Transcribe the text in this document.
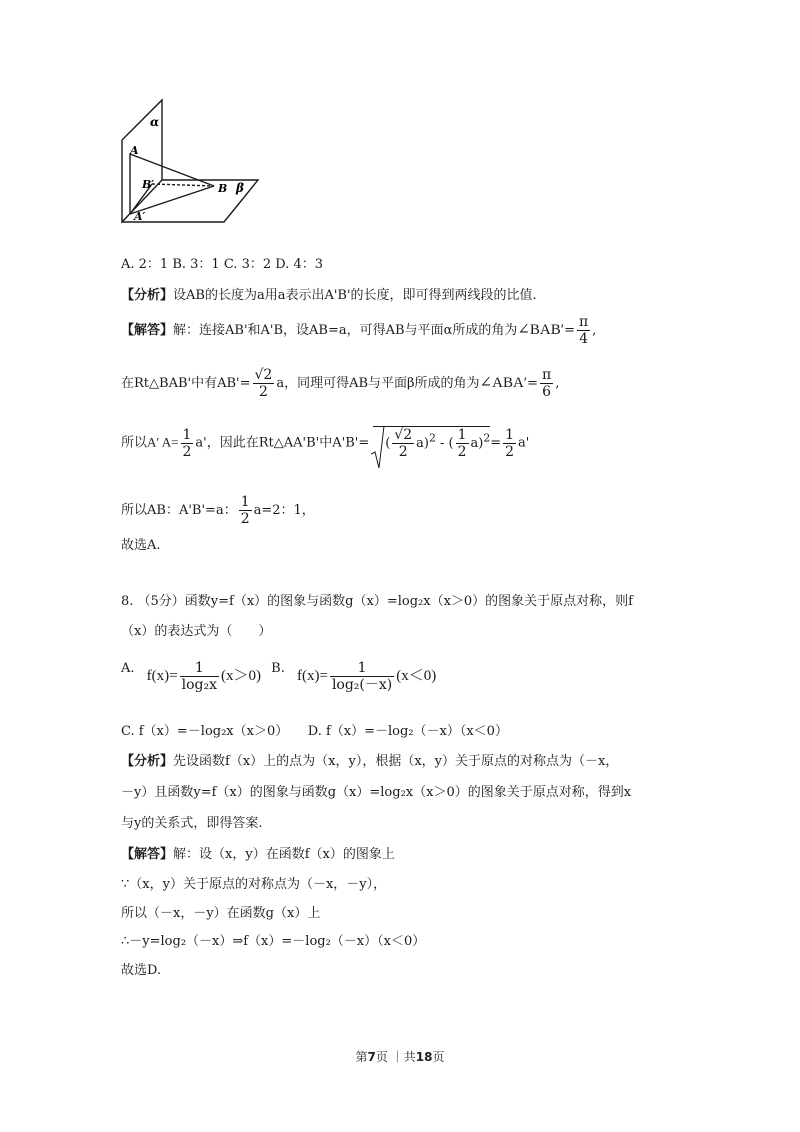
α
A
B′	B β
A′
A. 2：1 B. 3：1 C. 3：2 D. 4：3
【分析】设AB的长度为a用a表示出A'B'的长度，即可得到两线段的比值.
【解答】解：连接AB'和A'B，设AB=a，可得AB与平面α所成的角为∠BAB′= $\frac{\pi}{4}$ ,
在Rt△BAB'中有$AB'= \frac{√2}{2}$ a，同理可得AB与平面β所成的角为∠ABA′= $\frac{\pi}{6}$ ,
所以A′ $A= \frac{1}{2} a'$，因此在Rt△AA'B'中A'B'= ( $\frac{√2}{2} a)^2$ - ( $\frac{1}{2} a)^2= \frac{1}{2} a'$
所以AB：A'B'=a： $\frac{1}{2} a=2$：1，
故选A.
8. （5分）函数y=f（x）的图象与函数g（x）=log₂x（x＞0）的图象关于原点对称，则f
（x）的表达式为（　　）
A. $f(x)= \frac{1}{\text{log₂x}} (x>0)$ B. $f(x)= \frac{1}{\text{log₂(－x)}} (x<0)$
C. f（x）=－log₂x（x＞0）　　D. f（x）=－log₂（－x）（x＜0）
【分析】先设函数f（x）上的点为（x，y），根据（x，y）关于原点的对称点为（－x，
－y）且函数y=f（x）的图象与函数g（x）=log₂x（x＞0）的图象关于原点对称，得到x
与y的关系式，即得答案.
【解答】解：设（x，y）在函数f（x）的图象上
∵（x，y）关于原点的对称点为（－x，－y），
所以（－x，－y）在函数g（x）上
∴－y=log₂（－x）⇒f（x）=－log₂（－x）（x＜0）
故选D.
第7页 ｜共18页
